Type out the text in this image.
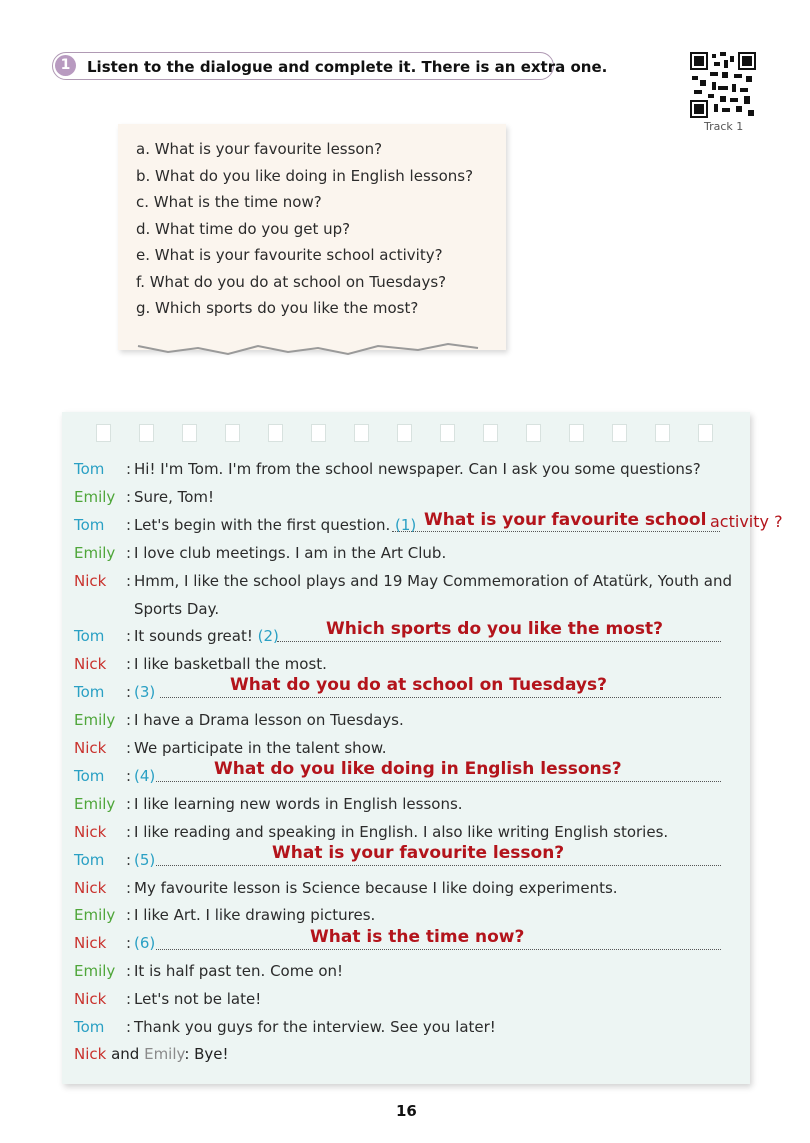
1	Listen to the dialogue and complete it. There is an extra one.
Track 1
a. What is your favourite lesson?
b. What do you like doing in English lessons?
c. What is the time now?
d. What time do you get up?
e. What is your favourite school activity?
f. What do you do at school on Tuesdays?
g. Which sports do you like the most?
Tom : Hi! I'm Tom. I'm from the school newspaper. Can I ask you some questions?
Emily : Sure, Tom!
Tom : Let's begin with the first question. (1)
Emily : I love club meetings. I am in the Art Club.
Nick : Hmm, I like the school plays and 19 May Commemoration of Atatürk, Youth and
Sports Day.
Tom : It sounds great! (2)
Nick : I like basketball the most.
Tom : (3)
Emily : I have a Drama lesson on Tuesdays.
Nick : We participate in the talent show.
Tom : (4)
Emily : I like learning new words in English lessons.
Nick : I like reading and speaking in English. I also like writing English stories.
Tom : (5)
Nick : My favourite lesson is Science because I like doing experiments.
Emily : I like Art. I like drawing pictures.
Nick : (6)
Emily : It is half past ten. Come on!
Nick : Let's not be late!
Tom : Thank you guys for the interview. See you later!
What is your favourite school activity ?
Which sports do you like the most?
What do you do at school on Tuesdays?
What do you like doing in English lessons?
What is your favourite lesson?
What is the time now?
Nick and Emily: Bye!
16
